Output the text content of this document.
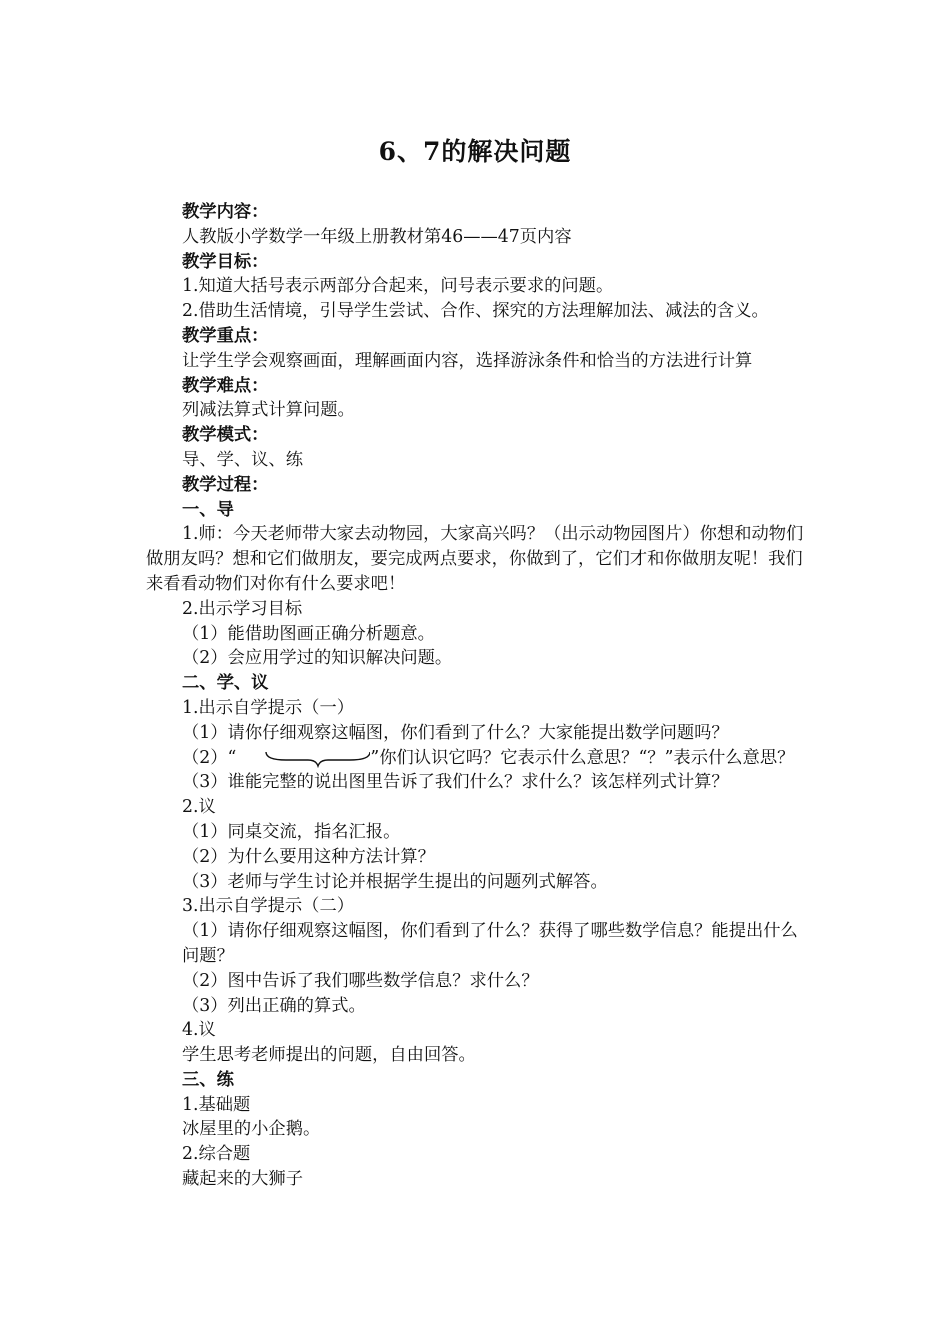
6、7的解决问题

教学内容：

人教版小学数学一年级上册教材第46——47页内容

教学目标：

1.知道大括号表示两部分合起来，问号表示要求的问题。

2.借助生活情境，引导学生尝试、合作、探究的方法理解加法、减法的含义。

教学重点：

让学生学会观察画面，理解画面内容，选择游泳条件和恰当的方法进行计算

教学难点：

列减法算式计算问题。

教学模式：

导、学、议、练

教学过程：

一、导

1.师：今天老师带大家去动物园，大家高兴吗？（出示动物园图片）你想和动物们做朋友吗？想和它们做朋友，要完成两点要求，你做到了，它们才和你做朋友呢！我们来看看动物们对你有什么要求吧！

2.出示学习目标

（1）能借助图画正确分析题意。

（2）会应用学过的知识解决问题。

二、学、议

1.出示自学提示（一）

（1）请你仔细观察这幅图，你们看到了什么？大家能提出数学问题吗？

（2）“	”你们认识它吗？它表示什么意思？“？”表示什么意思？

（3）谁能完整的说出图里告诉了我们什么？求什么？该怎样列式计算？

2.议

（1）同桌交流，指名汇报。

（2）为什么要用这种方法计算？

（3）老师与学生讨论并根据学生提出的问题列式解答。

3.出示自学提示（二）

（1）请你仔细观察这幅图，你们看到了什么？获得了哪些数学信息？能提出什么问题？

（2）图中告诉了我们哪些数学信息？求什么？

（3）列出正确的算式。

4.议

学生思考老师提出的问题，自由回答。

三、练

1.基础题

冰屋里的小企鹅。

2.综合题

藏起来的大狮子
